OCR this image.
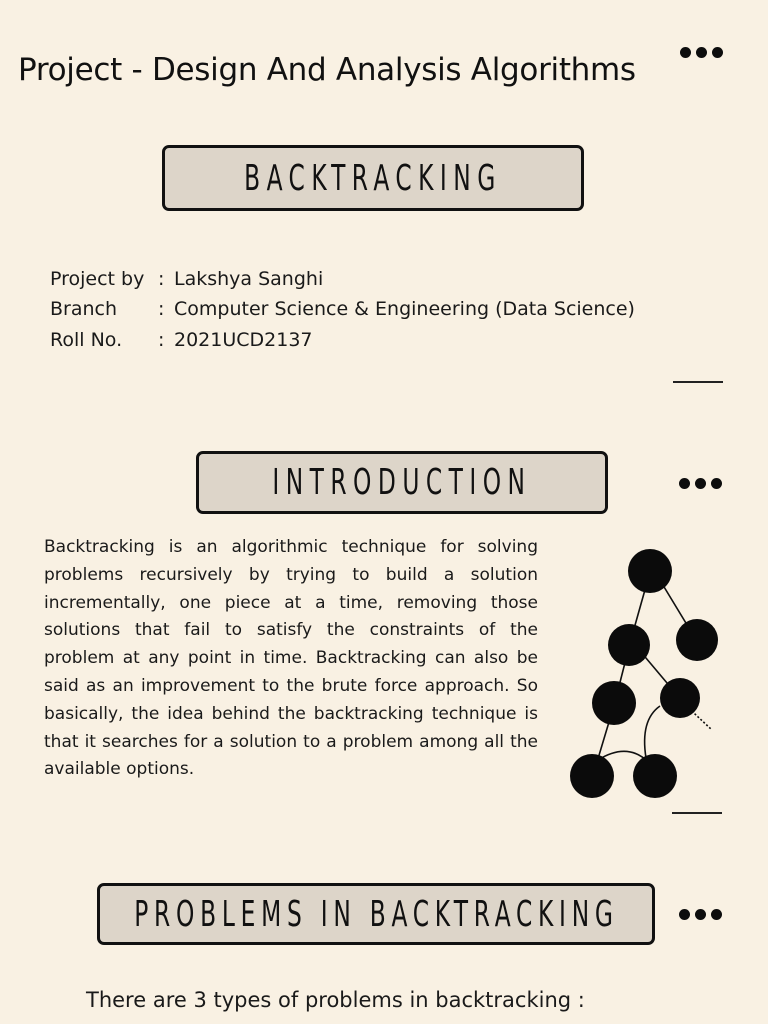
Project - Design And Analysis Algorithms
BACKTRACKING
Project by : Lakshya Sanghi
Branch	: Computer Science & Engineering (Data Science)
Roll No.	: 2021UCD2137
INTRODUCTION
Backtracking is an algorithmic technique for solving problems recursively by trying to build a solution incrementally, one piece at a time, removing those solutions that fail to satisfy the constraints of the problem at any point in time. Backtracking can also be said as an improvement to the brute force approach. So basically, the idea behind the backtracking technique is that it searches for a solution to a problem among all the available options.
PROBLEMS IN BACKTRACKING
There are 3 types of problems in backtracking :
